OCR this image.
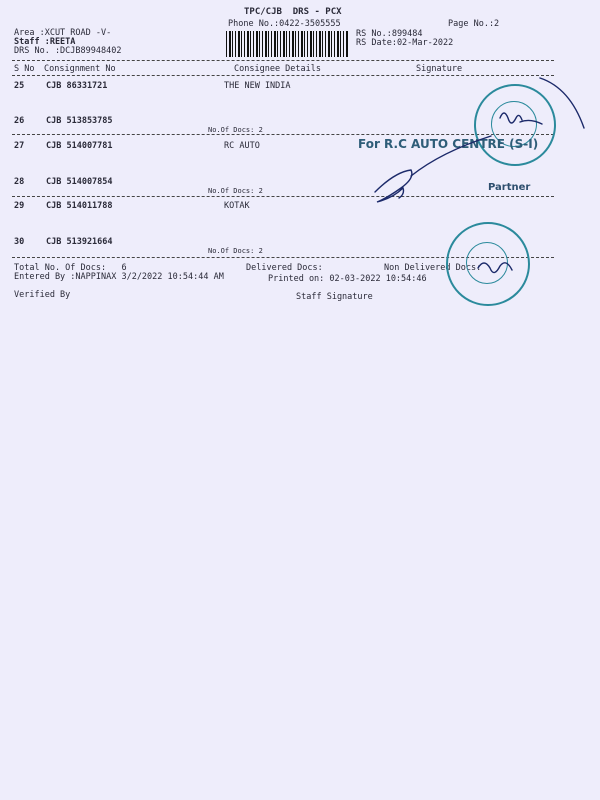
TPC/CJB  DRS - PCX
Phone No.:0422-3505555	Page No.:2
Area :XCUT ROAD -V-
Staff :REETA
DRS No. :DCJB89948402
RS No.:899484
RS Date:02-Mar-2022
S No Consignment No	Consignee Details	Signature
25	CJB 86331721	THE NEW INDIA
26	CJB 513853785
No.Of Docs: 2
27	CJB 514007781	RC AUTO
28	CJB 514007854
No.Of Docs: 2
29	CJB 514011788	KOTAK
30	CJB 513921664
No.Of Docs: 2
Total No. Of Docs:   6	Delivered Docs:	Non Delivered Docs:
Entered By :NAPPINAX 3/2/2022 10:54:44 AM	Printed on: 02-03-2022 10:54:46
Verified By	Staff Signature
For R.C AUTO CENTRE (S-I)
Partner
